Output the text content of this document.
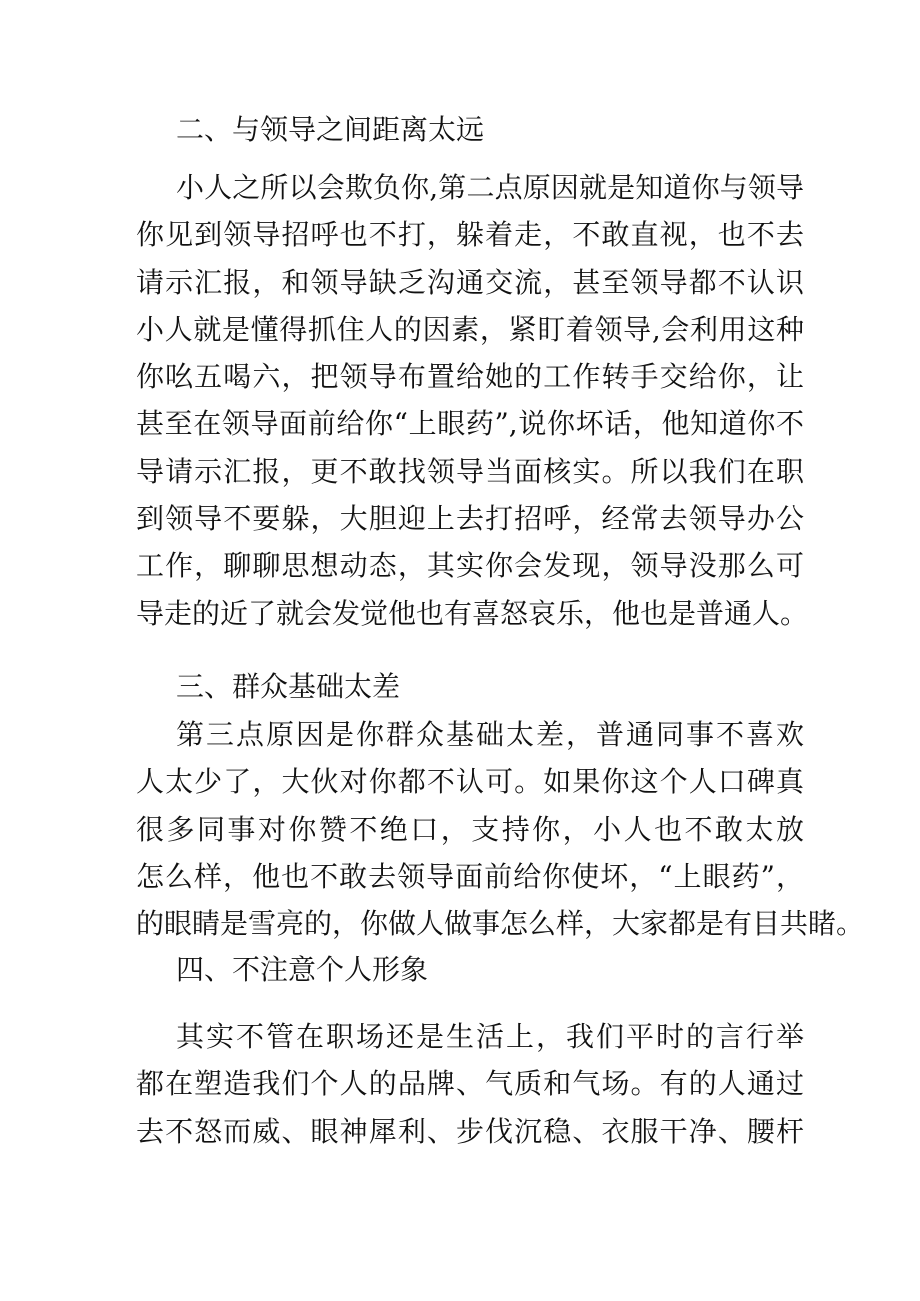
二、与领导之间距离太远
小人之所以会欺负你,第二点原因就是知道你与领导
你见到领导招呼也不打，躲着走，不敢直视，也不去
请示汇报，和领导缺乏沟通交流，甚至领导都不认识
小人就是懂得抓住人的因素，紧盯着领导,会利用这种
你吆五喝六，把领导布置给她的工作转手交给你，让
甚至在领导面前给你“上眼药”,说你坏话，他知道你不
导请示汇报，更不敢找领导当面核实。所以我们在职
到领导不要躲，大胆迎上去打招呼，经常去领导办公
工作，聊聊思想动态，其实你会发现，领导没那么可
导走的近了就会发觉他也有喜怒哀乐，他也是普通人。
三、群众基础太差
第三点原因是你群众基础太差，普通同事不喜欢
人太少了，大伙对你都不认可。如果你这个人口碑真
很多同事对你赞不绝口，支持你，小人也不敢太放
怎么样，他也不敢去领导面前给你使坏，“上眼药”，
的眼睛是雪亮的，你做人做事怎么样，大家都是有目共睹。
四、不注意个人形象
其实不管在职场还是生活上，我们平时的言行举
都在塑造我们个人的品牌、气质和气场。有的人通过
去不怒而威、眼神犀利、步伐沉稳、衣服干净、腰杆
